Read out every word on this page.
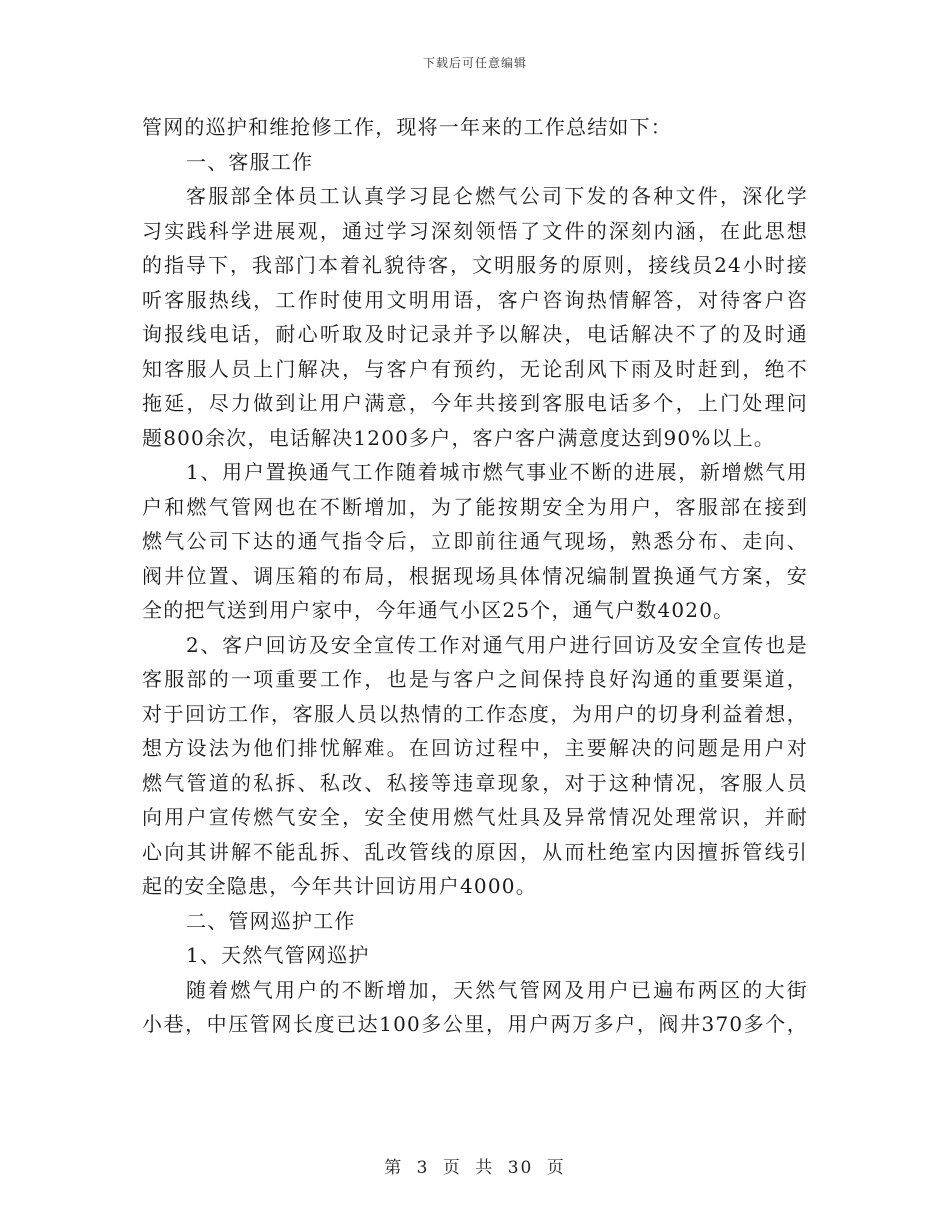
下载后可任意编辑
管网的巡护和维抢修工作，现将一年来的工作总结如下：
一、客服工作
客服部全体员工认真学习昆仑燃气公司下发的各种文件，深化学
习实践科学进展观，通过学习深刻领悟了文件的深刻内涵，在此思想
的指导下，我部门本着礼貌待客，文明服务的原则，接线员24小时接
听客服热线，工作时使用文明用语，客户咨询热情解答，对待客户咨
询报线电话，耐心听取及时记录并予以解决，电话解决不了的及时通
知客服人员上门解决，与客户有预约，无论刮风下雨及时赶到，绝不
拖延，尽力做到让用户满意，今年共接到客服电话多个，上门处理问
题800余次，电话解决1200多户，客户客户满意度达到90%以上。
1、用户置换通气工作随着城市燃气事业不断的进展，新增燃气用
户和燃气管网也在不断增加，为了能按期安全为用户，客服部在接到
燃气公司下达的通气指令后，立即前往通气现场，熟悉分布、走向、
阀井位置、调压箱的布局，根据现场具体情况编制置换通气方案，安
全的把气送到用户家中，今年通气小区25个，通气户数4020。
2、客户回访及安全宣传工作对通气用户进行回访及安全宣传也是
客服部的一项重要工作，也是与客户之间保持良好沟通的重要渠道，
对于回访工作，客服人员以热情的工作态度，为用户的切身利益着想，
想方设法为他们排忧解难。在回访过程中，主要解决的问题是用户对
燃气管道的私拆、私改、私接等违章现象，对于这种情况，客服人员
向用户宣传燃气安全，安全使用燃气灶具及异常情况处理常识，并耐
心向其讲解不能乱拆、乱改管线的原因，从而杜绝室内因擅拆管线引
起的安全隐患，今年共计回访用户4000。
二、管网巡护工作
1、天然气管网巡护
随着燃气用户的不断增加，天然气管网及用户已遍布两区的大街
小巷，中压管网长度已达100多公里，用户两万多户，阀井370多个，
第 3 页 共 30 页
